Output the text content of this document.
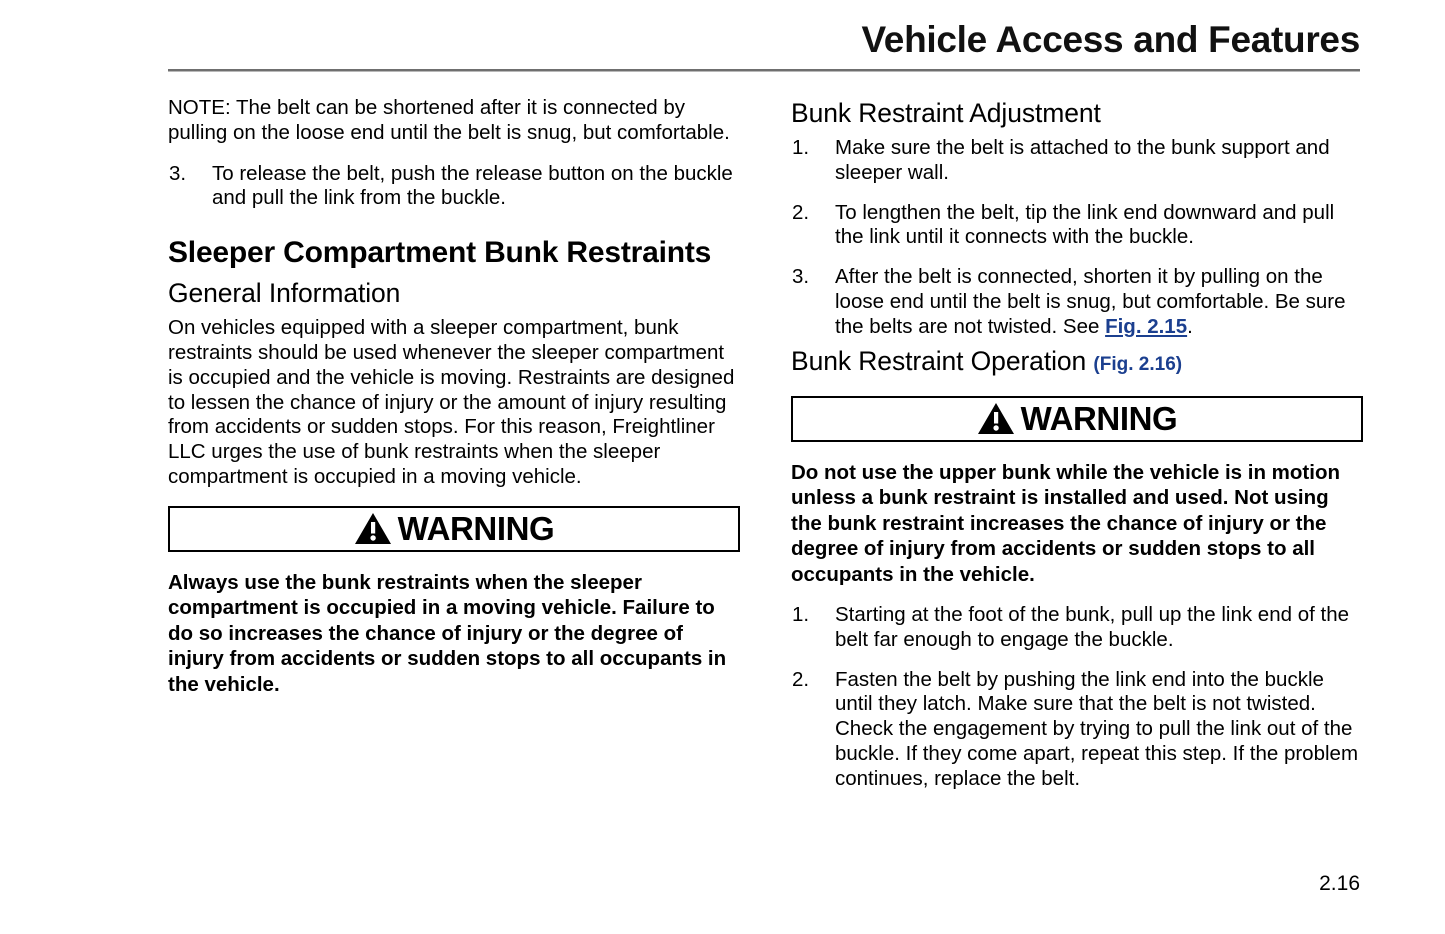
Vehicle Access and Features

NOTE: The belt can be shortened after it is connected by pulling on the loose end until the belt is snug, but comfortable.

3. To release the belt, push the release button on the buckle and pull the link from the buckle.
Sleeper Compartment Bunk Restraints
General Information

On vehicles equipped with a sleeper compartment, bunk restraints should be used whenever the sleeper compartment is occupied and the vehicle is moving. Restraints are designed to lessen the chance of injury or the amount of injury resulting from accidents or sudden stops. For this reason, Freightliner LLC urges the use of bunk restraints when the sleeper compartment is occupied in a moving vehicle.

WARNING

Always use the bunk restraints when the sleeper compartment is occupied in a moving vehicle. Failure to do so increases the chance of injury or the degree of injury from accidents or sudden stops to all occupants in the vehicle.

Bunk Restraint Adjustment
1. Make sure the belt is attached to the bunk support and sleeper wall.
2. To lengthen the belt, tip the link end downward and pull the link until it connects with the buckle.
3. After the belt is connected, shorten it by pulling on the loose end until the belt is snug, but comfortable. Be sure the belts are not twisted. See Fig. 2.15.
Bunk Restraint Operation (Fig. 2.16)
WARNING

Do not use the upper bunk while the vehicle is in motion unless a bunk restraint is installed and used. Not using the bunk restraint increases the chance of injury or the degree of injury from accidents or sudden stops to all occupants in the vehicle.

1. Starting at the foot of the bunk, pull up the link end of the belt far enough to engage the buckle.
2. Fasten the belt by pushing the link end into the buckle until they latch. Make sure that the belt is not twisted. Check the engagement by trying to pull the link out of the buckle. If they come apart, repeat this step. If the problem continues, replace the belt.
2.16
